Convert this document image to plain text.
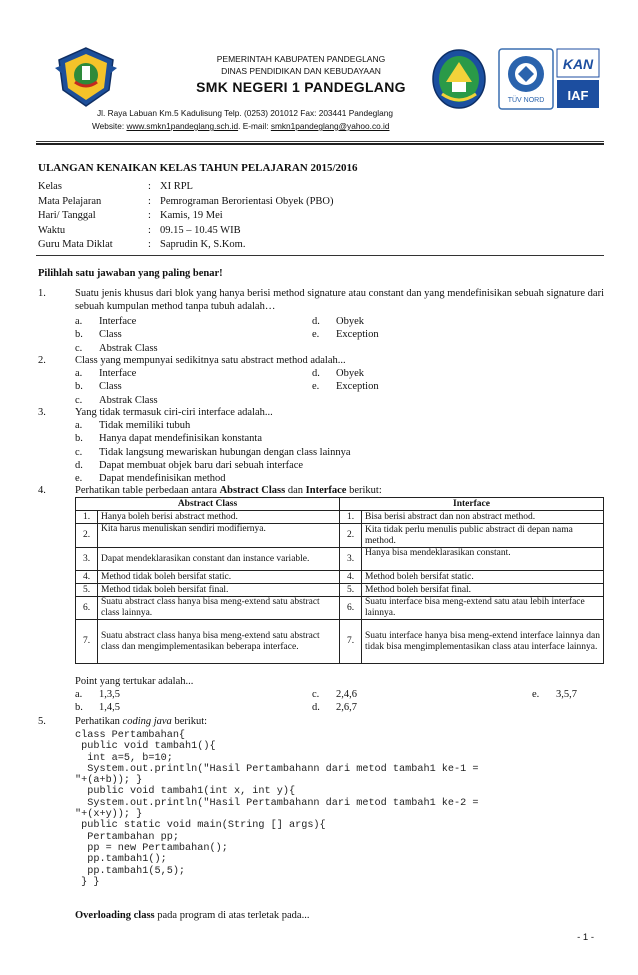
PEMERINTAH KABUPATEN PANDEGLANG
DINAS PENDIDIKAN DAN KEBUDAYAAN
SMK NEGERI 1 PANDEGLANG
TÜV NORD
KAN
IAF
Jl. Raya Labuan Km.5 Kadulisung Telp. (0253) 201012 Fax: 203441 Pandeglang
Website: www.smkn1pandeglang.sch.id. E-mail: smkn1pandeglang@yahoo.co.id
ULANGAN KENAIKAN KELAS TAHUN PELAJARAN 2015/2016
Kelas	: XI RPL
Mata Pelajaran	: Pemrograman Berorientasi Obyek (PBO)
Hari/ Tanggal	: Kamis, 19 Mei
Waktu	: 09.15 – 10.45 WIB
Guru Mata Diklat	: Saprudin K, S.Kom.
Pilihlah satu jawaban yang paling benar!
1.	Suatu jenis khusus dari blok yang hanya berisi method signature atau constant dan yang mendefinisikan sebuah signature dari sebuah kumpulan method tanpa tubuh adalah…
a. Interface
b. Class
c. Abstrak Class
d. Obyek
e. Exception
2.	Class yang mempunyai sedikitnya satu abstract method adalah...
a. Interface
b. Class
c. Abstrak Class
d. Obyek
e. Exception
3.	Yang tidak termasuk ciri-ciri interface adalah...
a. Tidak memiliki tubuh
b. Hanya dapat mendefinisikan konstanta
c. Tidak langsung mewariskan hubungan dengan class lainnya
d. Dapat membuat objek baru dari sebuah interface
e. Dapat mendefinisikan method
4.	Perhatikan table perbedaan antara Abstract Class dan Interface berikut:
Abstract Class		Interface	
1.	Hanya boleh berisi abstract method.	1.	Bisa berisi abstract dan non abstract method.
2.	Kita harus menuliskan sendiri modifiernya.	2.	Kita tidak perlu menulis public abstract di depan nama method.
3.	Dapat mendeklarasikan constant dan instance variable.	3.	Hanya bisa mendeklarasikan constant.
4.	Method tidak boleh bersifat static.	4.	Method boleh bersifat static.
5.	Method tidak boleh bersifat final.	5.	Method boleh bersifat final.
6.	Suatu abstract class hanya bisa meng-extend satu abstract class lainnya.	6.	Suatu interface bisa meng-extend satu atau lebih interface lainnya.
7.	Suatu abstract class hanya bisa meng-extend satu abstract class dan mengimplementasikan beberapa interface.	7.	Suatu interface hanya bisa meng-extend interface lainnya dan tidak bisa mengimplementasikan class atau interface lainnya.
Point yang tertukar adalah...
a. 1,3,5
b. 1,4,5
c. 2,4,6
d. 2,6,7
e. 3,5,7
5.	Perhatikan coding java berikut:
class Pertambahan{
public void tambah1(){
int a=5, b=10;
System.out.println("Hasil Pertambahann dari metod tambah1 ke-1 =
"+(a+b)); }
public void tambah1(int x, int y){
System.out.println("Hasil Pertambahann dari metod tambah1 ke-2 =
"+(x+y)); }
public static void main(String [] args){
Pertambahan pp;
pp = new Pertambahan();
pp.tambah1();
pp.tambah1(5,5);
} }
Overloading class pada program di atas terletak pada...
- 1 -
